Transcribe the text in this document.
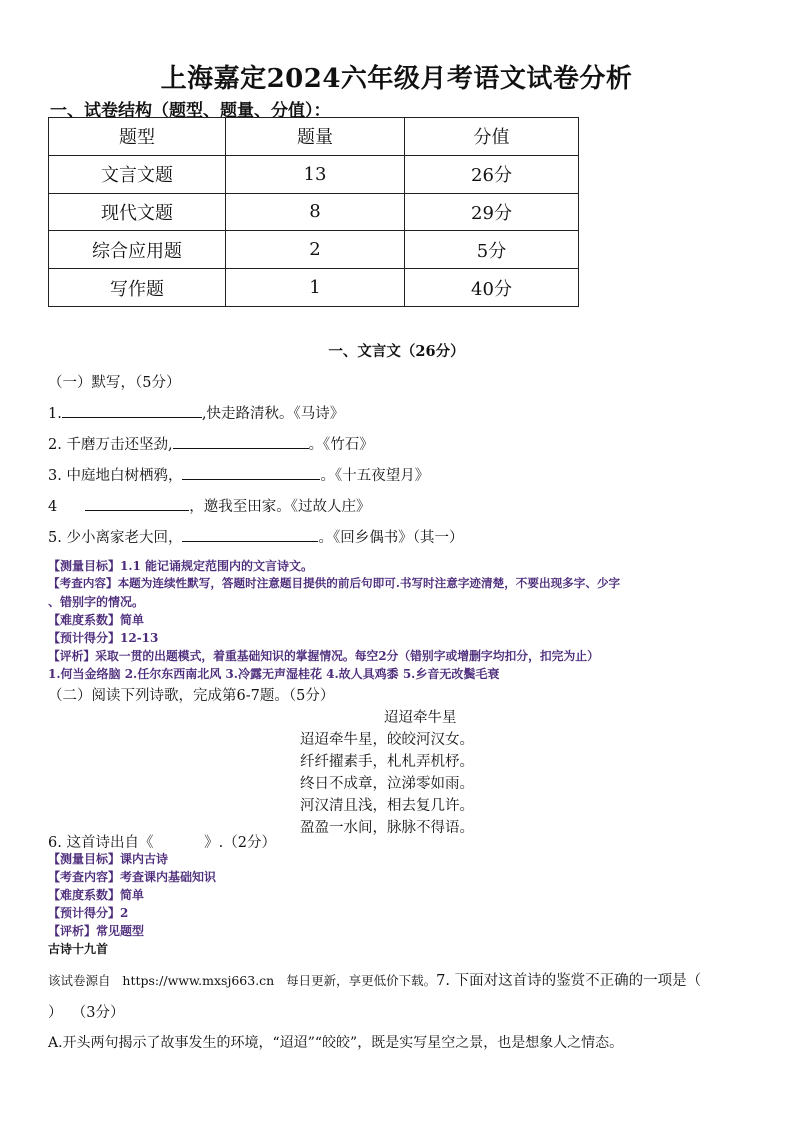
上海嘉定2024六年级月考语文试卷分析
一、试卷结构（题型、题量、分值）：
题型	题量	分值
文言文题	13	26分
现代文题	8	29分
综合应用题	2	5分
写作题	1	40分
一、文言文（26分）
（一）默写，（5分）
1.	,快走路清秋。《马诗》
2. 千磨万击还坚劲,	。《竹石》
3. 中庭地白树栖鸦，	。《十五夜望月》
4	，邀我至田家。《过故人庄》
5. 少小离家老大回，	。《回乡偶书》（其一）
【测量目标】1.1 能记诵规定范围内的文言诗文。
【考查内容】本题为连续性默写，答题时注意题目提供的前后句即可.书写时注意字迹清楚，不要出现多字、少字
、错别字的情况。
【难度系数】简单
【预计得分】12-13
【评析】采取一贯的出题模式，着重基础知识的掌握情况。每空2分（错别字或增删字均扣分，扣完为止）
1.何当金络脑 2.任尔东西南北风 3.冷露无声湿桂花 4.故人具鸡黍 5.乡音无改鬓毛衰
（二）阅读下列诗歌，完成第6-7题。（5分）
迢迢牵牛星
迢迢牵牛星，皎皎河汉女。
纤纤擢素手，札札弄机杼。
终日不成章，泣涕零如雨。
河汉清且浅，相去复几许。
盈盈一水间，脉脉不得语。
6. 这首诗出自《           》.（2分）
【测量目标】课内古诗
【考查内容】考查课内基础知识
【难度系数】简单
【预计得分】2
【评析】常见题型
古诗十九首
该试卷源自   https://www.mxsj663.cn   每日更新，享更低价下载。7. 下面对这首诗的鉴赏不正确的一项是（
）  （3分）
A.开头两句揭示了故事发生的环境，“迢迢”“皎皎”，既是实写星空之景，也是想象人之情态。
